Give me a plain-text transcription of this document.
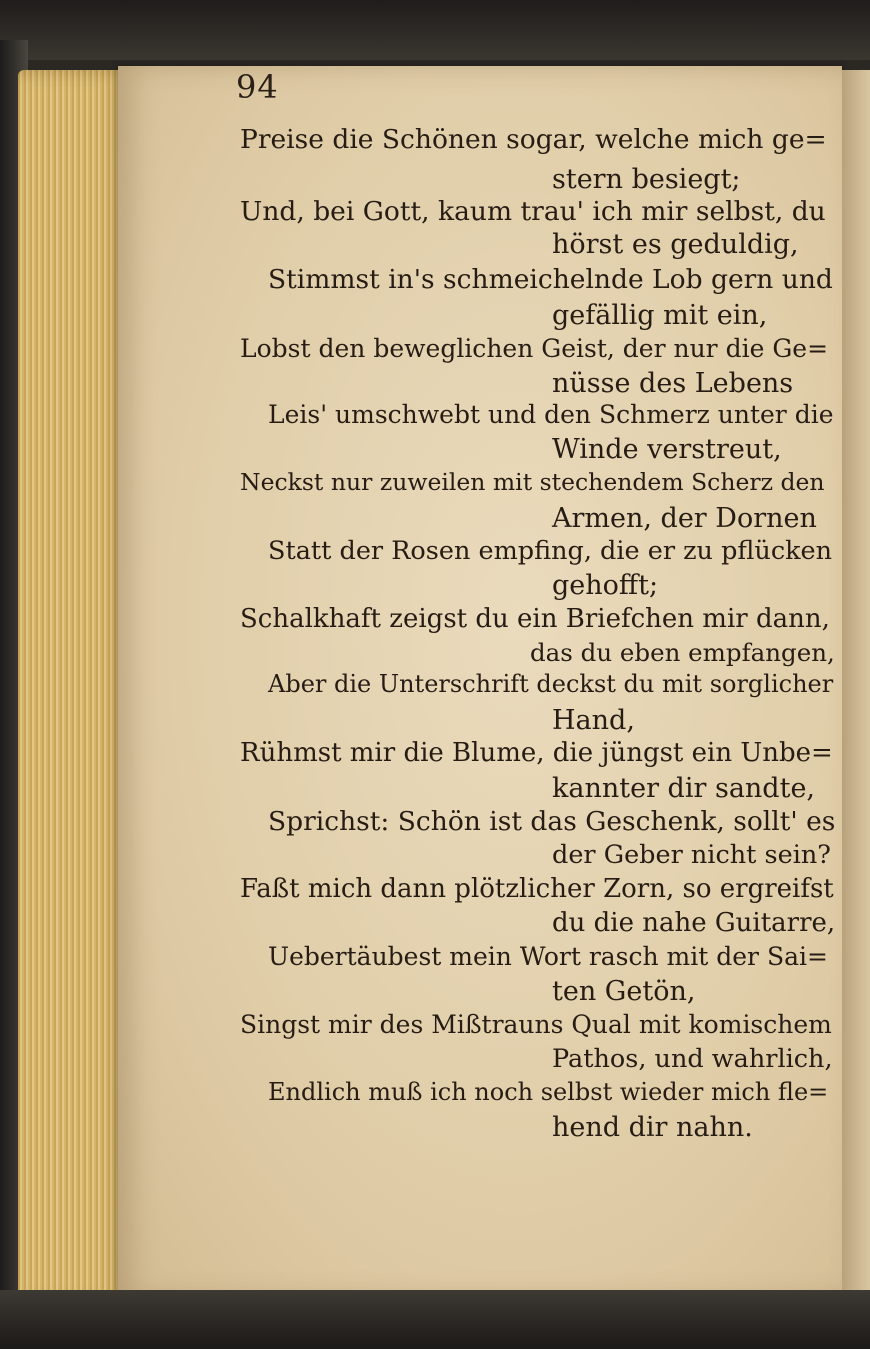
94
Preise die Schönen sogar, welche mich ge=
stern besiegt;
Und, bei Gott, kaum trau' ich mir selbst, du
hörst es geduldig,
Stimmst in's schmeichelnde Lob gern und
gefällig mit ein,
Lobst den beweglichen Geist, der nur die Ge=
nüsse des Lebens
Leis' umschwebt und den Schmerz unter die
Winde verstreut,
Neckst nur zuweilen mit stechendem Scherz den
Armen, der Dornen
Statt der Rosen empfing, die er zu pflücken
gehofft;
Schalkhaft zeigst du ein Briefchen mir dann,
das du eben empfangen,
Aber die Unterschrift deckst du mit sorglicher
Hand,
Rühmst mir die Blume, die jüngst ein Unbe=
kannter dir sandte,
Sprichst: Schön ist das Geschenk, sollt' es
der Geber nicht sein?
Faßt mich dann plötzlicher Zorn, so ergreifst
du die nahe Guitarre,
Uebertäubest mein Wort rasch mit der Sai=
ten Getön,
Singst mir des Mißtrauns Qual mit komischem
Pathos, und wahrlich,
Endlich muß ich noch selbst wieder mich fle=
hend dir nahn.
